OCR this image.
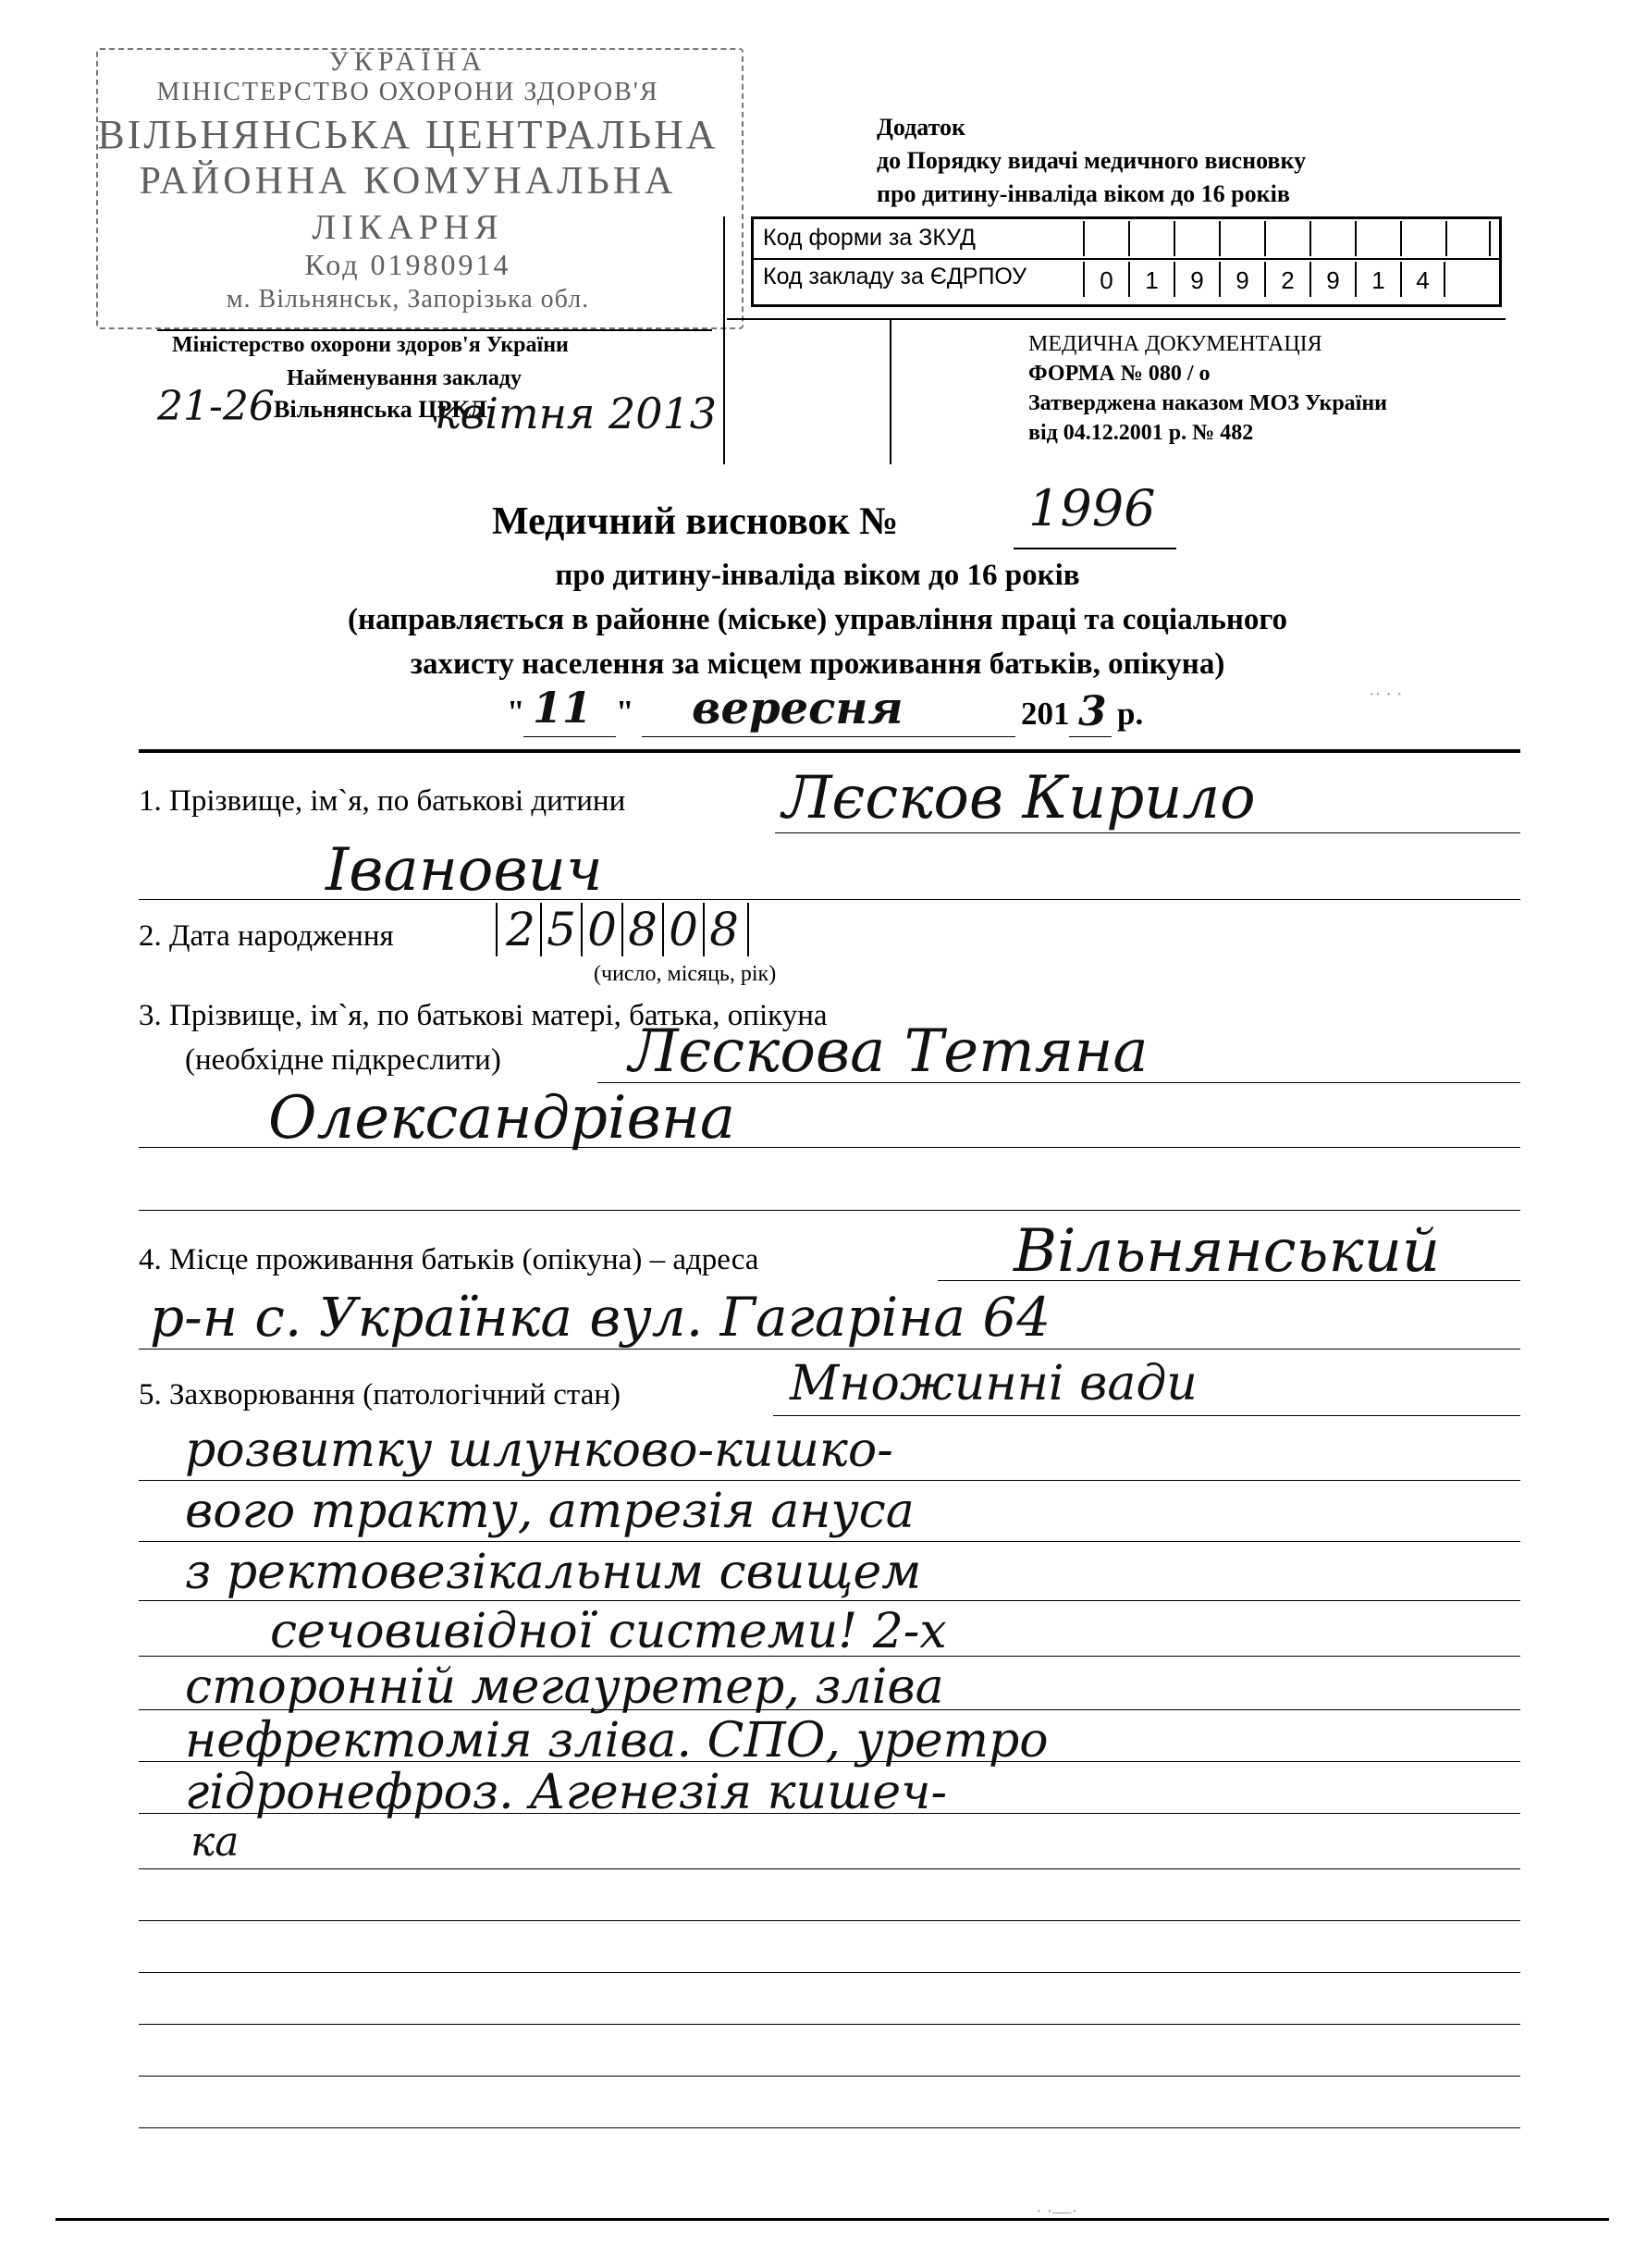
УКРАЇНА
МІНІСТЕРСТВО ОХОРОНИ ЗДОРОВ'Я
ВІЛЬНЯНСЬКА ЦЕНТРАЛЬНА
РАЙОННА КОМУНАЛЬНА
ЛІКАРНЯ
Код 01980914
м. Вільнянськ, Запорізька обл.
Міністерство охорони здоров'я України
Найменування закладу
Вільнянська ЦРКЛ
21-26	квітня 2013
Додаток
до Порядку видачі медичного висновку
про дитину-інваліда віком до 16 років
Код форми за ЗКУД
Код закладу за ЄДРПОУ	0	1	9	9	2	9	1	4
МЕДИЧНА ДОКУМЕНТАЦІЯ
ФОРМА № 080 / о
Затверджена наказом МОЗ України
від 04.12.2001 р. № 482
Медичний висновок №	1996
про дитину-інваліда віком до 16 років
(направляється в районне (міське) управління праці та соціального
захисту населення за місцем проживання батьків, опікуна)
" 11 " вересня	201 3 р.
1. Прізвище, ім`я, по батькові дитини	Лєсков Кирило
Іванович
2. Дата народження 2 5 0 8 0 8
(число, місяць, рік)
3. Прізвище, ім`я, по батькові матері, батька, опікуна
(необхідне підкреслити) Лєскова Тетяна
Олександрівна
4. Місце проживання батьків (опікуна) – адреса	Вільнянський
р-н с. Українка вул. Гагаріна 64
5. Захворювання (патологічний стан)	Множинні вади
розвитку шлунково-кишко-
вого тракту, атрезія ануса
з ректовезікальним свищем
сечовивідної системи! 2-х
сторонній мегауретер, зліва
нефректомія зліва. СПО, уретро
гідронефроз. Агенезія кишеч-
ка
·· · ·
· ·—·
